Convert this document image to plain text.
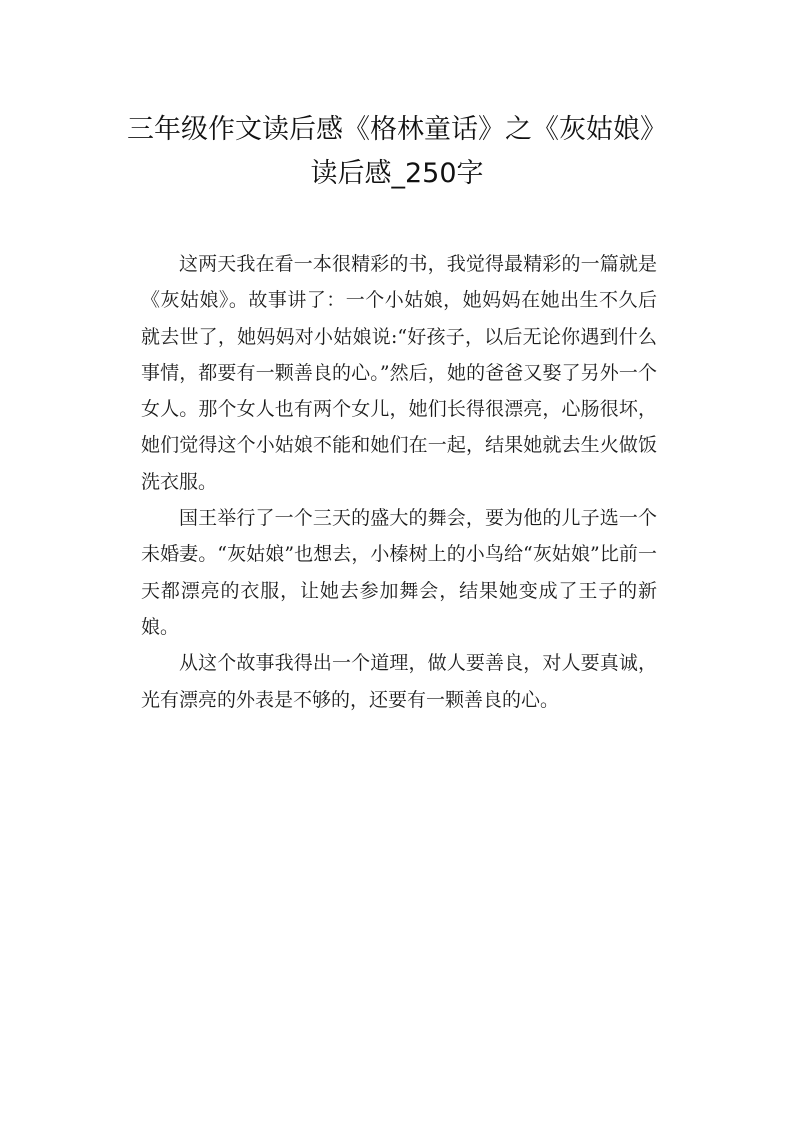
三年级作文读后感《格林童话》之《灰姑娘》读后感_250字

这两天我在看一本很精彩的书，我觉得最精彩的一篇就是《灰姑娘》。故事讲了：一个小姑娘，她妈妈在她出生不久后就去世了，她妈妈对小姑娘说:“好孩子，以后无论你遇到什么事情，都要有一颗善良的心。”然后，她的爸爸又娶了另外一个女人。那个女人也有两个女儿，她们长得很漂亮，心肠很坏，她们觉得这个小姑娘不能和她们在一起，结果她就去生火做饭洗衣服。

国王举行了一个三天的盛大的舞会，要为他的儿子选一个未婚妻。“灰姑娘”也想去，小榛树上的小鸟给“灰姑娘”比前一天都漂亮的衣服，让她去参加舞会，结果她变成了王子的新娘。

从这个故事我得出一个道理，做人要善良，对人要真诚，光有漂亮的外表是不够的，还要有一颗善良的心。
